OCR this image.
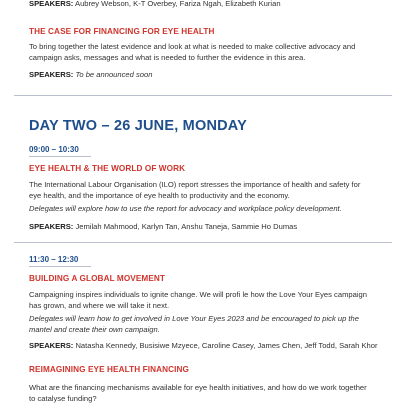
SPEAKERS: Aubrey Webson, K-T Overbey, Fariza Ngah, Elizabeth Kurian
THE CASE FOR FINANCING FOR EYE HEALTH
To bring together the latest evidence and look at what is needed to make collective advocacy and campaign asks, messages and what is needed to further the evidence in this area.
SPEAKERS: To be announced soon
DAY TWO – 26 JUNE, MONDAY
09:00 – 10:30
EYE HEALTH & THE WORLD OF WORK
The International Labour Organisation (ILO) report stresses the importance of health and safety for eye health, and the importance of eye health to productivity and the economy.
Delegates will explore how to use the report for advocacy and workplace policy development.
SPEAKERS: Jemilah Mahmood, Karlyn Tan, Anshu Taneja, Sammie Ho Dumas
11:30 – 12:30
BUILDING A GLOBAL MOVEMENT
Campaigning inspires individuals to ignite change. We will profi le how the Love Your Eyes campaign has grown, and where we will take it next.
Delegates will learn how to get involved in Love Your Eyes 2023 and be encouraged to pick up the mantel and create their own campaign.
SPEAKERS: Natasha Kennedy, Busisiwe Mzyece, Caroline Casey, James Chen, Jeff Todd, Sarah Khor
REIMAGINING EYE HEALTH FINANCING
What are the financing mechanisms available for eye health initiatives, and how do we work together to catalyse funding?
